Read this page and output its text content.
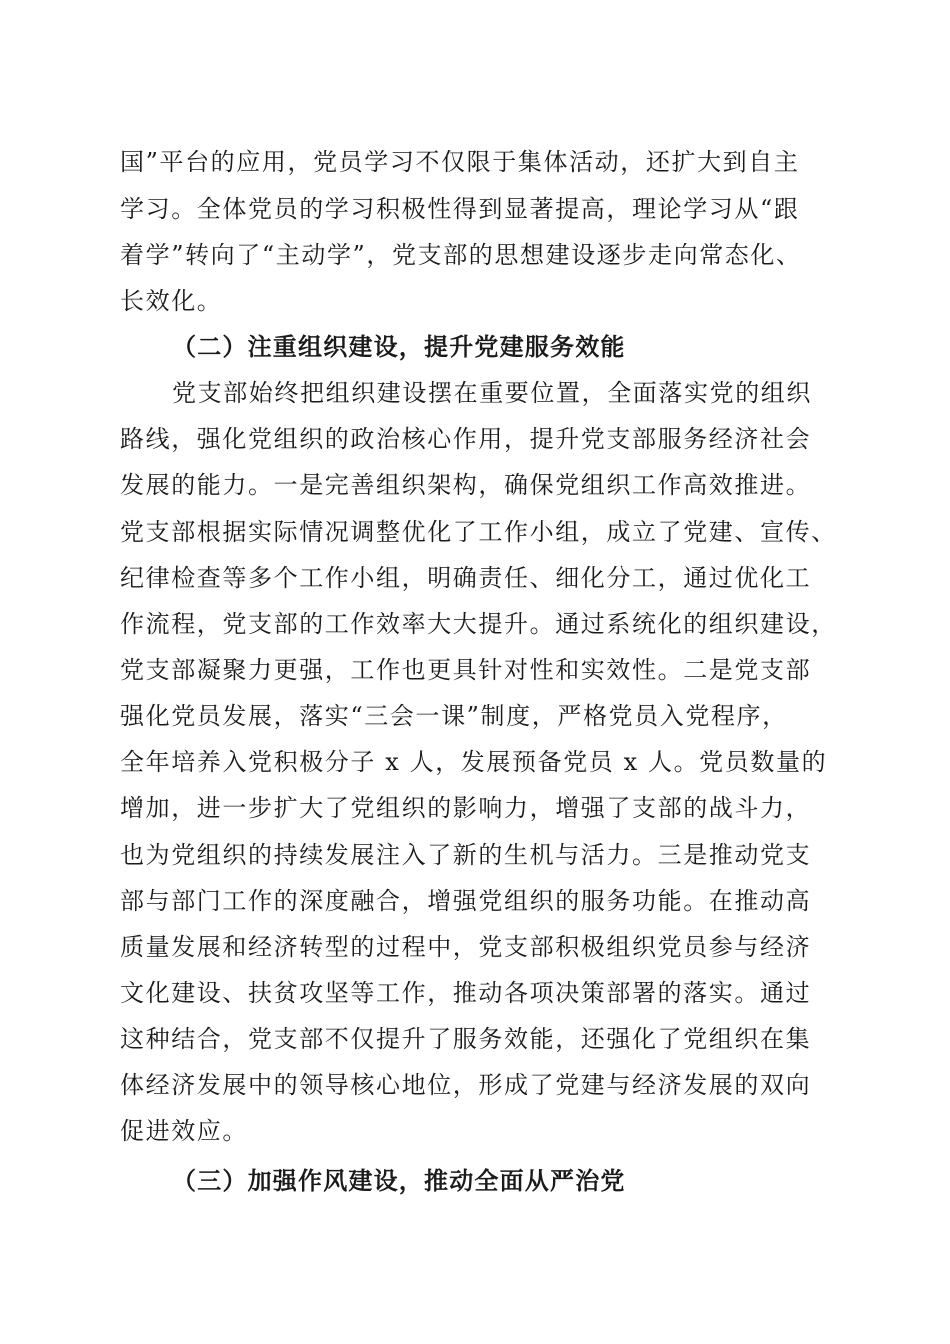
国”平台的应用，党员学习不仅限于集体活动，还扩大到自主
学习。全体党员的学习积极性得到显著提高，理论学习从“跟
着学”转向了“主动学”，党支部的思想建设逐步走向常态化、
长效化。
（二）注重组织建设，提升党建服务效能
党支部始终把组织建设摆在重要位置，全面落实党的组织
路线，强化党组织的政治核心作用，提升党支部服务经济社会
发展的能力。一是完善组织架构，确保党组织工作高效推进。
党支部根据实际情况调整优化了工作小组，成立了党建、宣传、
纪律检查等多个工作小组，明确责任、细化分工，通过优化工
作流程，党支部的工作效率大大提升。通过系统化的组织建设，
党支部凝聚力更强，工作也更具针对性和实效性。二是党支部
强化党员发展，落实“三会一课”制度，严格党员入党程序，
全年培养入党积极分子 x 人，发展预备党员 x 人。党员数量的
增加，进一步扩大了党组织的影响力，增强了支部的战斗力，
也为党组织的持续发展注入了新的生机与活力。三是推动党支
部与部门工作的深度融合，增强党组织的服务功能。在推动高
质量发展和经济转型的过程中，党支部积极组织党员参与经济
文化建设、扶贫攻坚等工作，推动各项决策部署的落实。通过
这种结合，党支部不仅提升了服务效能，还强化了党组织在集
体经济发展中的领导核心地位，形成了党建与经济发展的双向
促进效应。
（三）加强作风建设，推动全面从严治党
